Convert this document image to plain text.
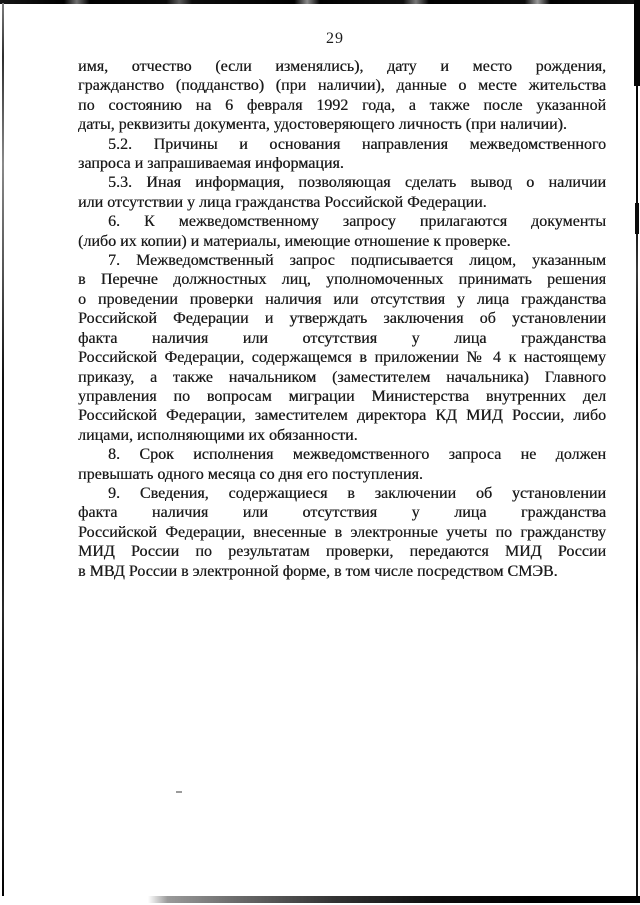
29
имя, отчество (если изменялись), дату и место рождения,
гражданство (подданство) (при наличии), данные о месте жительства
по состоянию на 6 февраля 1992 года, а также после указанной
даты, реквизиты документа, удостоверяющего личность (при наличии).
5.2. Причины и основания направления межведомственного
запроса и запрашиваемая информация.
5.3. Иная информация, позволяющая сделать вывод о наличии
или отсутствии у лица гражданства Российской Федерации.
6. К межведомственному запросу прилагаются документы
(либо их копии) и материалы, имеющие отношение к проверке.
7. Межведомственный запрос подписывается лицом, указанным
в Перечне должностных лиц, уполномоченных принимать решения
о проведении проверки наличия или отсутствия у лица гражданства
Российской Федерации и утверждать заключения об установлении
факта наличия или отсутствия у лица гражданства
Российской Федерации, содержащемся в приложении № 4 к настоящему
приказу, а также начальником (заместителем начальника) Главного
управления по вопросам миграции Министерства внутренних дел
Российской Федерации, заместителем директора КД МИД России, либо
лицами, исполняющими их обязанности.
8. Срок исполнения межведомственного запроса не должен
превышать одного месяца со дня его поступления.
9. Сведения, содержащиеся в заключении об установлении
факта наличия или отсутствия у лица гражданства
Российской Федерации, внесенные в электронные учеты по гражданству
МИД России по результатам проверки, передаются МИД России
в МВД России в электронной форме, в том числе посредством СМЭВ.
